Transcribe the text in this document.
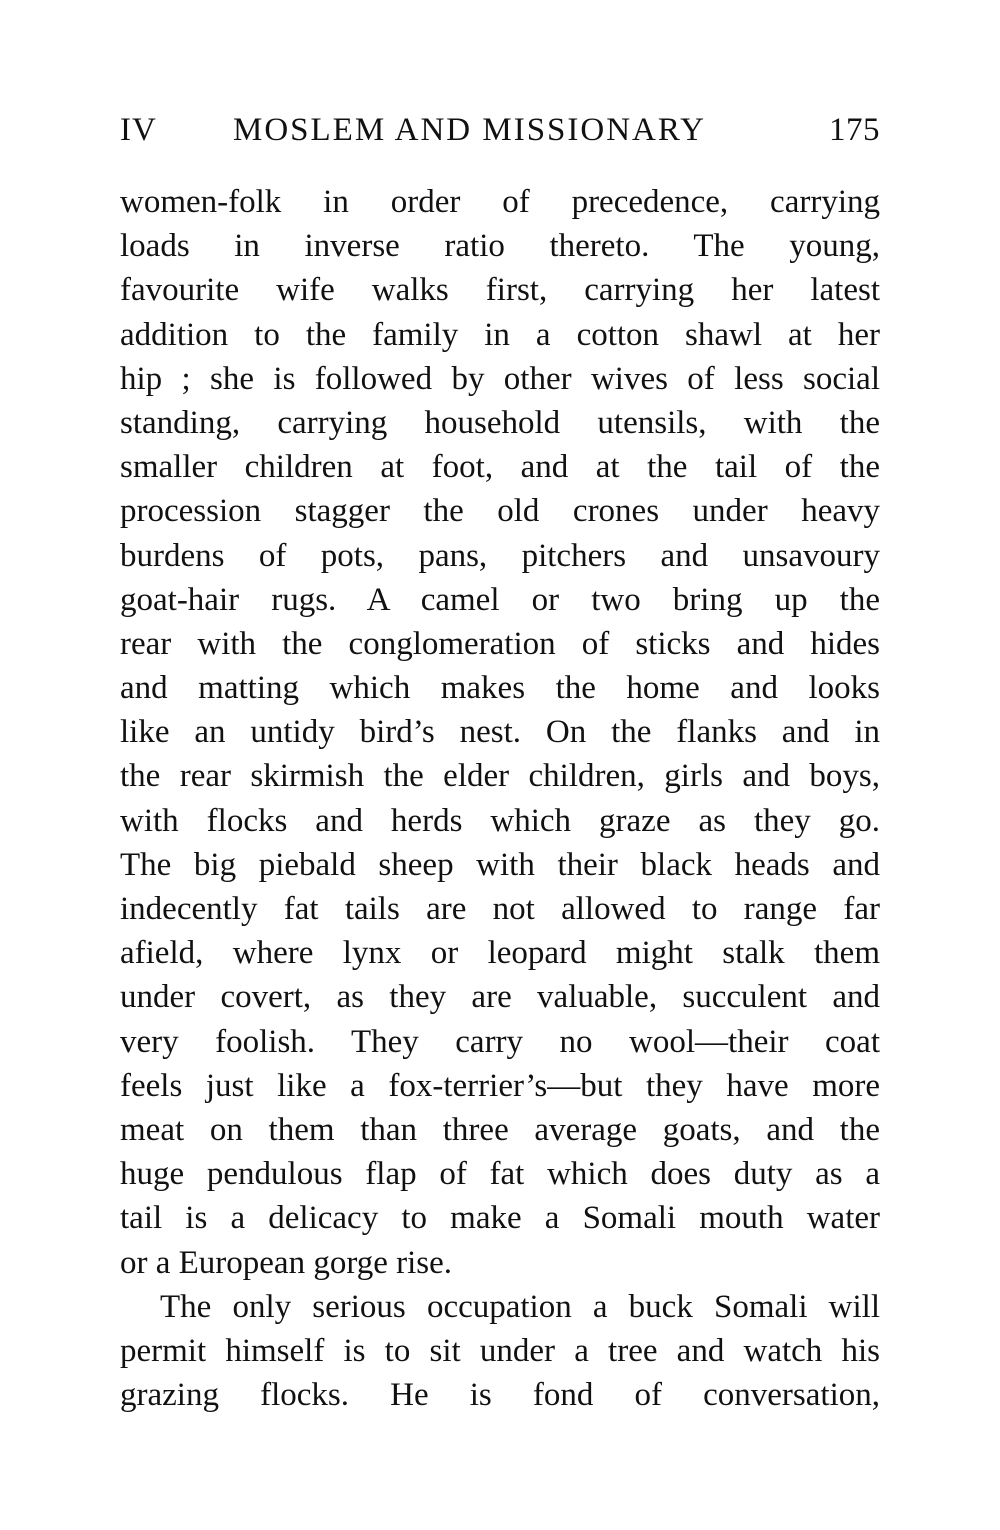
IV MOSLEM AND MISSIONARY	175
women-folk in order of precedence, carrying
loads in inverse ratio thereto. The young,
favourite wife walks first, carrying her latest
addition to the family in a cotton shawl at her
hip ; she is followed by other wives of less social
standing, carrying household utensils, with the
smaller children at foot, and at the tail of the
procession stagger the old crones under heavy
burdens of pots, pans, pitchers and unsavoury
goat-hair rugs. A camel or two bring up the
rear with the conglomeration of sticks and hides
and matting which makes the home and looks
like an untidy bird’s nest. On the flanks and in
the rear skirmish the elder children, girls and boys,
with flocks and herds which graze as they go.
The big piebald sheep with their black heads and
indecently fat tails are not allowed to range far
afield, where lynx or leopard might stalk them
under covert, as they are valuable, succulent and
very foolish. They carry no wool—their coat
feels just like a fox-terrier’s—but they have more
meat on them than three average goats, and the
huge pendulous flap of fat which does duty as a
tail is a delicacy to make a Somali mouth water
or a European gorge rise.
The only serious occupation a buck Somali will
permit himself is to sit under a tree and watch his
grazing flocks. He is fond of conversation,
